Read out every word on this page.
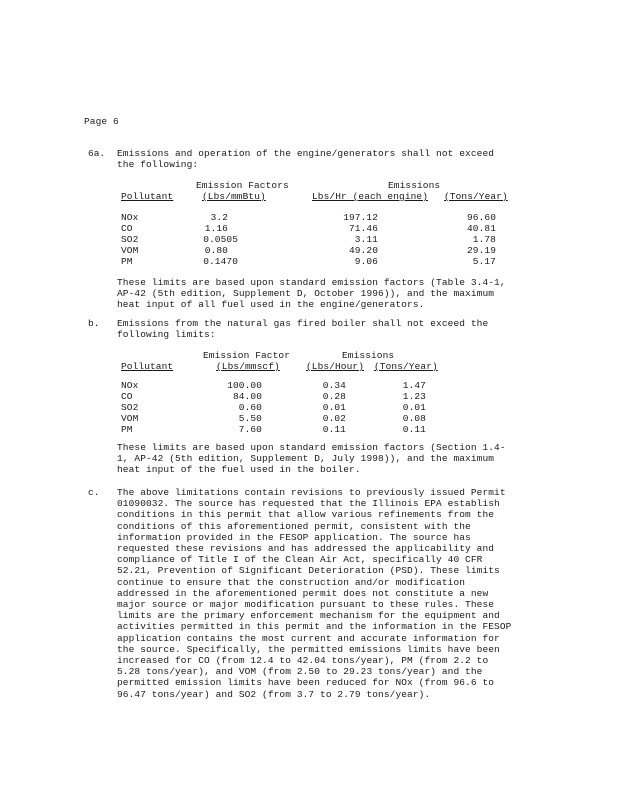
Page 6
6a. Emissions and operation of the engine/generators shall not exceed the following:
Emission Factors	Emissions
Pollutant	(Lbs/mmBtu)	Lbs/Hr (each engine) (Tons/Year)
NOx	3.2	197.12	96.60
CO	1.16	71.46	40.81
SO2	0.0505	3.11	1.78
VOM	0.80	49.20	29.19
PM	0.1470	9.06	5.17
These limits are based upon standard emission factors (Table 3.4-1, AP-42 (5th edition, Supplement D, October 1996)), and the maximum heat input of all fuel used in the engine/generators.
b. Emissions from the natural gas fired boiler shall not exceed the following limits:
Emission Factor	Emissions
Pollutant	(Lbs/mmscf)	(Lbs/Hour) (Tons/Year)
NOx	100.00	0.34	1.47
CO	84.00	0.28	1.23
SO2	0.60	0.01	0.01
VOM	5.50	0.02	0.08
PM	7.60	0.11	0.11
These limits are based upon standard emission factors (Section 1.4-1, AP-42 (5th edition, Supplement D, July 1998)), and the maximum heat input of the fuel used in the boiler.
c. The above limitations contain revisions to previously issued Permit 01090032. The source has requested that the Illinois EPA establish conditions in this permit that allow various refinements from the conditions of this aforementioned permit, consistent with the information provided in the FESOP application. The source has requested these revisions and has addressed the applicability and compliance of Title I of the Clean Air Act, specifically 40 CFR 52.21, Prevention of Significant Deterioration (PSD). These limits continue to ensure that the construction and/or modification addressed in the aforementioned permit does not constitute a new major source or major modification pursuant to these rules. These limits are the primary enforcement mechanism for the equipment and activities permitted in this permit and the information in the FESOP application contains the most current and accurate information for the source. Specifically, the permitted emissions limits have been increased for CO (from 12.4 to 42.04 tons/year), PM (from 2.2 to 5.28 tons/year), and VOM (from 2.50 to 29.23 tons/year) and the permitted emission limits have been reduced for NOx (from 96.6 to 96.47 tons/year) and SO2 (from 3.7 to 2.79 tons/year).
